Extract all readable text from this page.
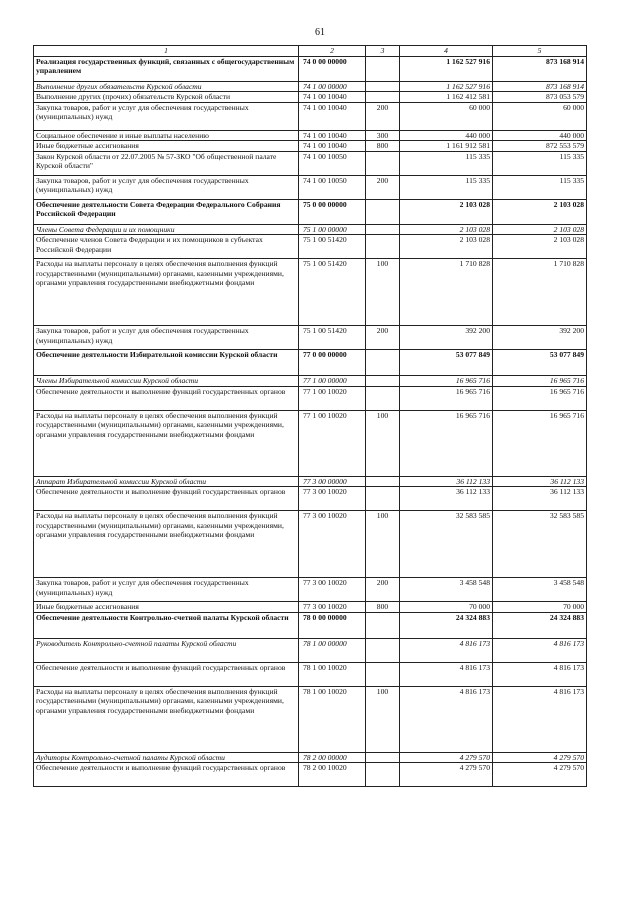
61
1	2	3	4	5
Реализация государственных функций, связанных с общегосударственным управлением	74 0 00 00000		1 162 527 916	873 168 914
Выполнение других обязательств Курской области	74 1 00 00000		1 162 527 916	873 168 914
Выполнение других (прочих) обязательств Курской области	74 1 00 10040		1 162 412 581	873 053 579
Закупка товаров, работ и услуг для обеспечения государственных (муниципальных) нужд	74 1 00 10040	200	60 000	60 000
Социальное обеспечение и иные выплаты населению	74 1 00 10040	300	440 000	440 000
Иные бюджетные ассигнования	74 1 00 10040	800	1 161 912 581	872 553 579
Закон Курской области от 22.07.2005 № 57-ЗКО "Об общественной палате Курской области"	74 1 00 10050		115 335	115 335
Закупка товаров, работ и услуг для обеспечения государственных (муниципальных) нужд	74 1 00 10050	200	115 335	115 335
Обеспечение деятельности Совета Федерации Федерального Собрания Российской Федерации	75 0 00 00000		2 103 028	2 103 028
Члены Совета Федерации и их помощники	75 1 00 00000		2 103 028	2 103 028
Обеспечение членов Совета Федерации и их помощников в субъектах Российской Федерации	75 1 00 51420		2 103 028	2 103 028
Расходы на выплаты персоналу в целях обеспечения выполнения функций государственными (муниципальными) органами, казенными учреждениями, органами управления государственными внебюджетными фондами	75 1 00 51420	100	1 710 828	1 710 828
Закупка товаров, работ и услуг для обеспечения государственных (муниципальных) нужд	75 1 00 51420	200	392 200	392 200
Обеспечение деятельности Избирательной комиссии Курской области	77 0 00 00000		53 077 849	53 077 849
Члены Избирательной комиссии Курской области	77 1 00 00000		16 965 716	16 965 716
Обеспечение деятельности и выполнение функций государственных органов	77 1 00 10020		16 965 716	16 965 716
Расходы на выплаты персоналу в целях обеспечения выполнения функций государственными (муниципальными) органами, казенными учреждениями, органами управления государственными внебюджетными фондами	77 1 00 10020	100	16 965 716	16 965 716
Аппарат Избирательной комиссии Курской области	77 3 00 00000		36 112 133	36 112 133
Обеспечение деятельности и выполнение функций государственных органов	77 3 00 10020		36 112 133	36 112 133
Расходы на выплаты персоналу в целях обеспечения выполнения функций государственными (муниципальными) органами, казенными учреждениями, органами управления государственными внебюджетными фондами	77 3 00 10020	100	32 583 585	32 583 585
Закупка товаров, работ и услуг для обеспечения государственных (муниципальных) нужд	77 3 00 10020	200	3 458 548	3 458 548
Иные бюджетные ассигнования	77 3 00 10020	800	70 000	70 000
Обеспечение деятельности Контрольно-счетной палаты Курской области	78 0 00 00000		24 324 883	24 324 883
Руководитель Контрольно-счетной палаты Курской области	78 1 00 00000		4 816 173	4 816 173
Обеспечение деятельности и выполнение функций государственных органов	78 1 00 10020		4 816 173	4 816 173
Расходы на выплаты персоналу в целях обеспечения выполнения функций государственными (муниципальными) органами, казенными учреждениями, органами управления государственными внебюджетными фондами	78 1 00 10020	100	4 816 173	4 816 173
Аудиторы Контрольно-счетной палаты Курской области	78 2 00 00000		4 279 570	4 279 570
Обеспечение деятельности и выполнение функций государственных органов	78 2 00 10020		4 279 570	4 279 570
